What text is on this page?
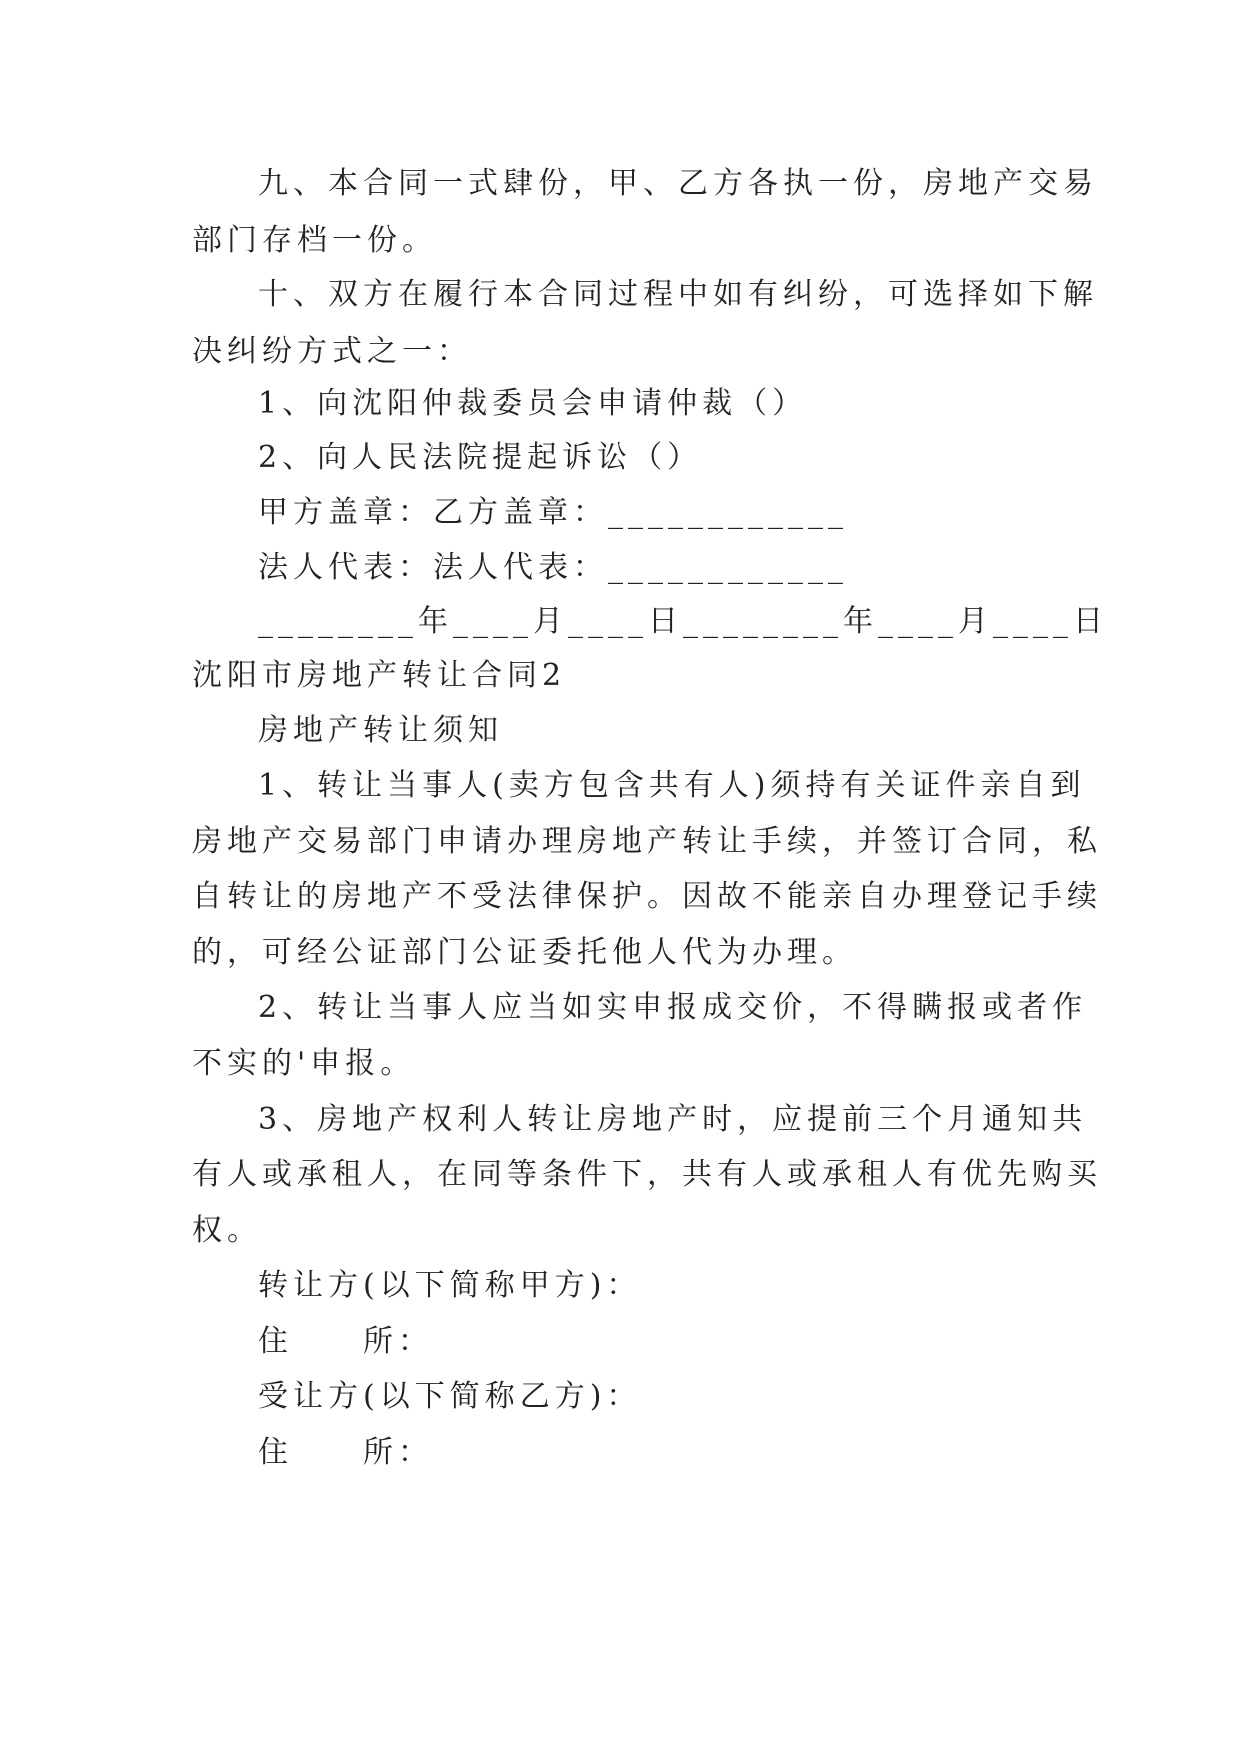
九、本合同一式肆份，甲、乙方各执一份，房地产交易
部门存档一份。
十、双方在履行本合同过程中如有纠纷，可选择如下解
决纠纷方式之一：
1、向沈阳仲裁委员会申请仲裁（）
2、向人民法院提起诉讼（）
甲方盖章：乙方盖章：____________
法人代表：法人代表：____________
________年____月____日________年____月____日
沈阳市房地产转让合同2
房地产转让须知
1、转让当事人(卖方包含共有人)须持有关证件亲自到
房地产交易部门申请办理房地产转让手续，并签订合同，私
自转让的房地产不受法律保护。因故不能亲自办理登记手续
的，可经公证部门公证委托他人代为办理。
2、转让当事人应当如实申报成交价，不得瞒报或者作
不实的'申报。
3、房地产权利人转让房地产时，应提前三个月通知共
有人或承租人，在同等条件下，共有人或承租人有优先购买
权。
转让方(以下简称甲方)：
住　　所：
受让方(以下简称乙方)：
住　　所：
